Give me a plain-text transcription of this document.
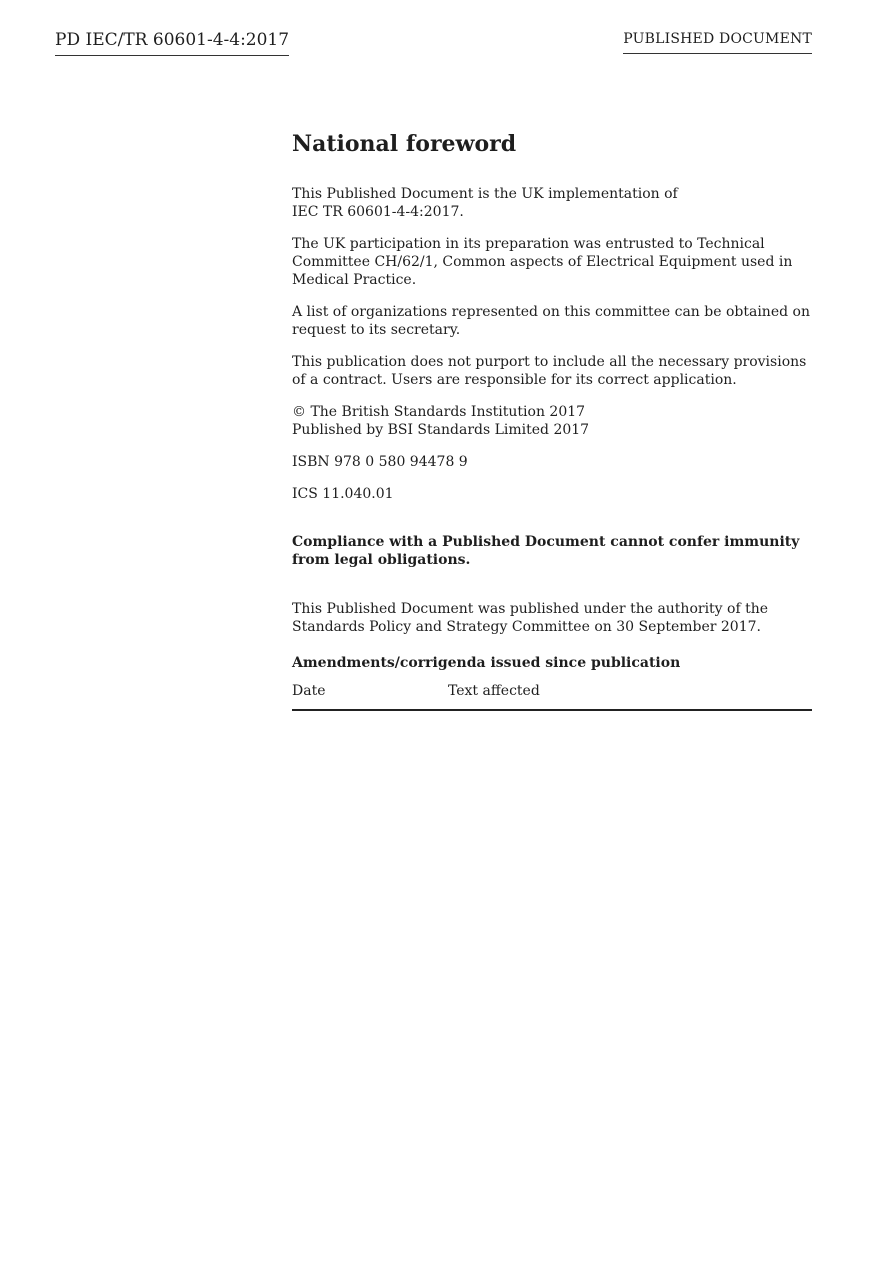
PD IEC/TR 60601-4-4:2017	PUBLISHED DOCUMENT
National foreword

This Published Document is the UK implementation of
IEC TR 60601-4-4:2017.

The UK participation in its preparation was entrusted to Technical Committee CH/62/1, Common aspects of Electrical Equipment used in Medical Practice.

A list of organizations represented on this committee can be obtained on request to its secretary.

This publication does not purport to include all the necessary provisions of a contract. Users are responsible for its correct application.

© The British Standards Institution 2017
Published by BSI Standards Limited 2017

ISBN 978 0 580 94478 9

ICS 11.040.01

Compliance with a Published Document cannot confer immunity from legal obligations.

This Published Document was published under the authority of the Standards Policy and Strategy Committee on 30 September 2017.

Amendments/corrigenda issued since publication
Date	Text affected
